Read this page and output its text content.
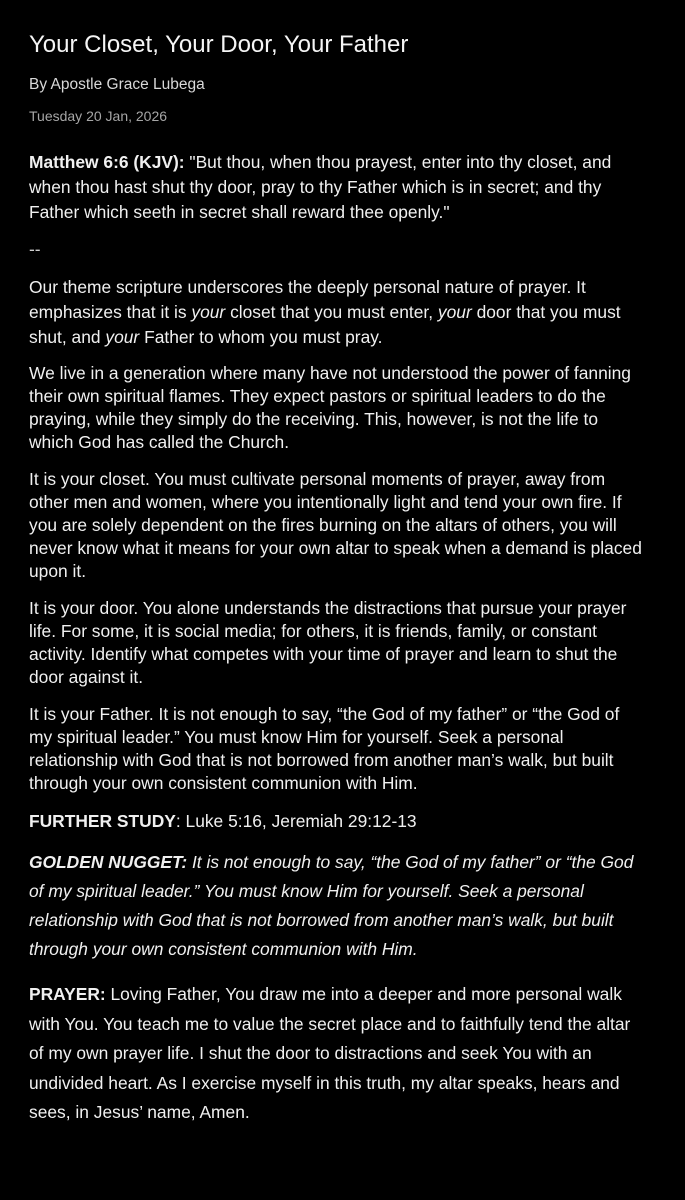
Your Closet, Your Door, Your Father
By Apostle Grace Lubega
Tuesday 20 Jan, 2026

Matthew 6:6 (KJV): "But thou, when thou prayest, enter into thy closet, and when thou hast shut thy door, pray to thy Father which is in secret; and thy Father which seeth in secret shall reward thee openly."

--

Our theme scripture underscores the deeply personal nature of prayer. It emphasizes that it is your closet that you must enter, your door that you must shut, and your Father to whom you must pray.

We live in a generation where many have not understood the power of fanning their own spiritual flames. They expect pastors or spiritual leaders to do the praying, while they simply do the receiving. This, however, is not the life to which God has called the Church.

It is your closet. You must cultivate personal moments of prayer, away from other men and women, where you intentionally light and tend your own fire. If you are solely dependent on the fires burning on the altars of others, you will never know what it means for your own altar to speak when a demand is placed upon it.

It is your door. You alone understands the distractions that pursue your prayer life. For some, it is social media; for others, it is friends, family, or constant activity. Identify what competes with your time of prayer and learn to shut the door against it.

It is your Father. It is not enough to say, “the God of my father” or “the God of my spiritual leader.” You must know Him for yourself. Seek a personal relationship with God that is not borrowed from another man’s walk, but built through your own consistent communion with Him.

FURTHER STUDY: Luke 5:16, Jeremiah 29:12-13

GOLDEN NUGGET: It is not enough to say, “the God of my father” or “the God of my spiritual leader.” You must know Him for yourself. Seek a personal relationship with God that is not borrowed from another man’s walk, but built through your own consistent communion with Him.

PRAYER: Loving Father, You draw me into a deeper and more personal walk with You. You teach me to value the secret place and to faithfully tend the altar of my own prayer life. I shut the door to distractions and seek You with an undivided heart. As I exercise myself in this truth, my altar speaks, hears and sees, in Jesus’ name, Amen.
